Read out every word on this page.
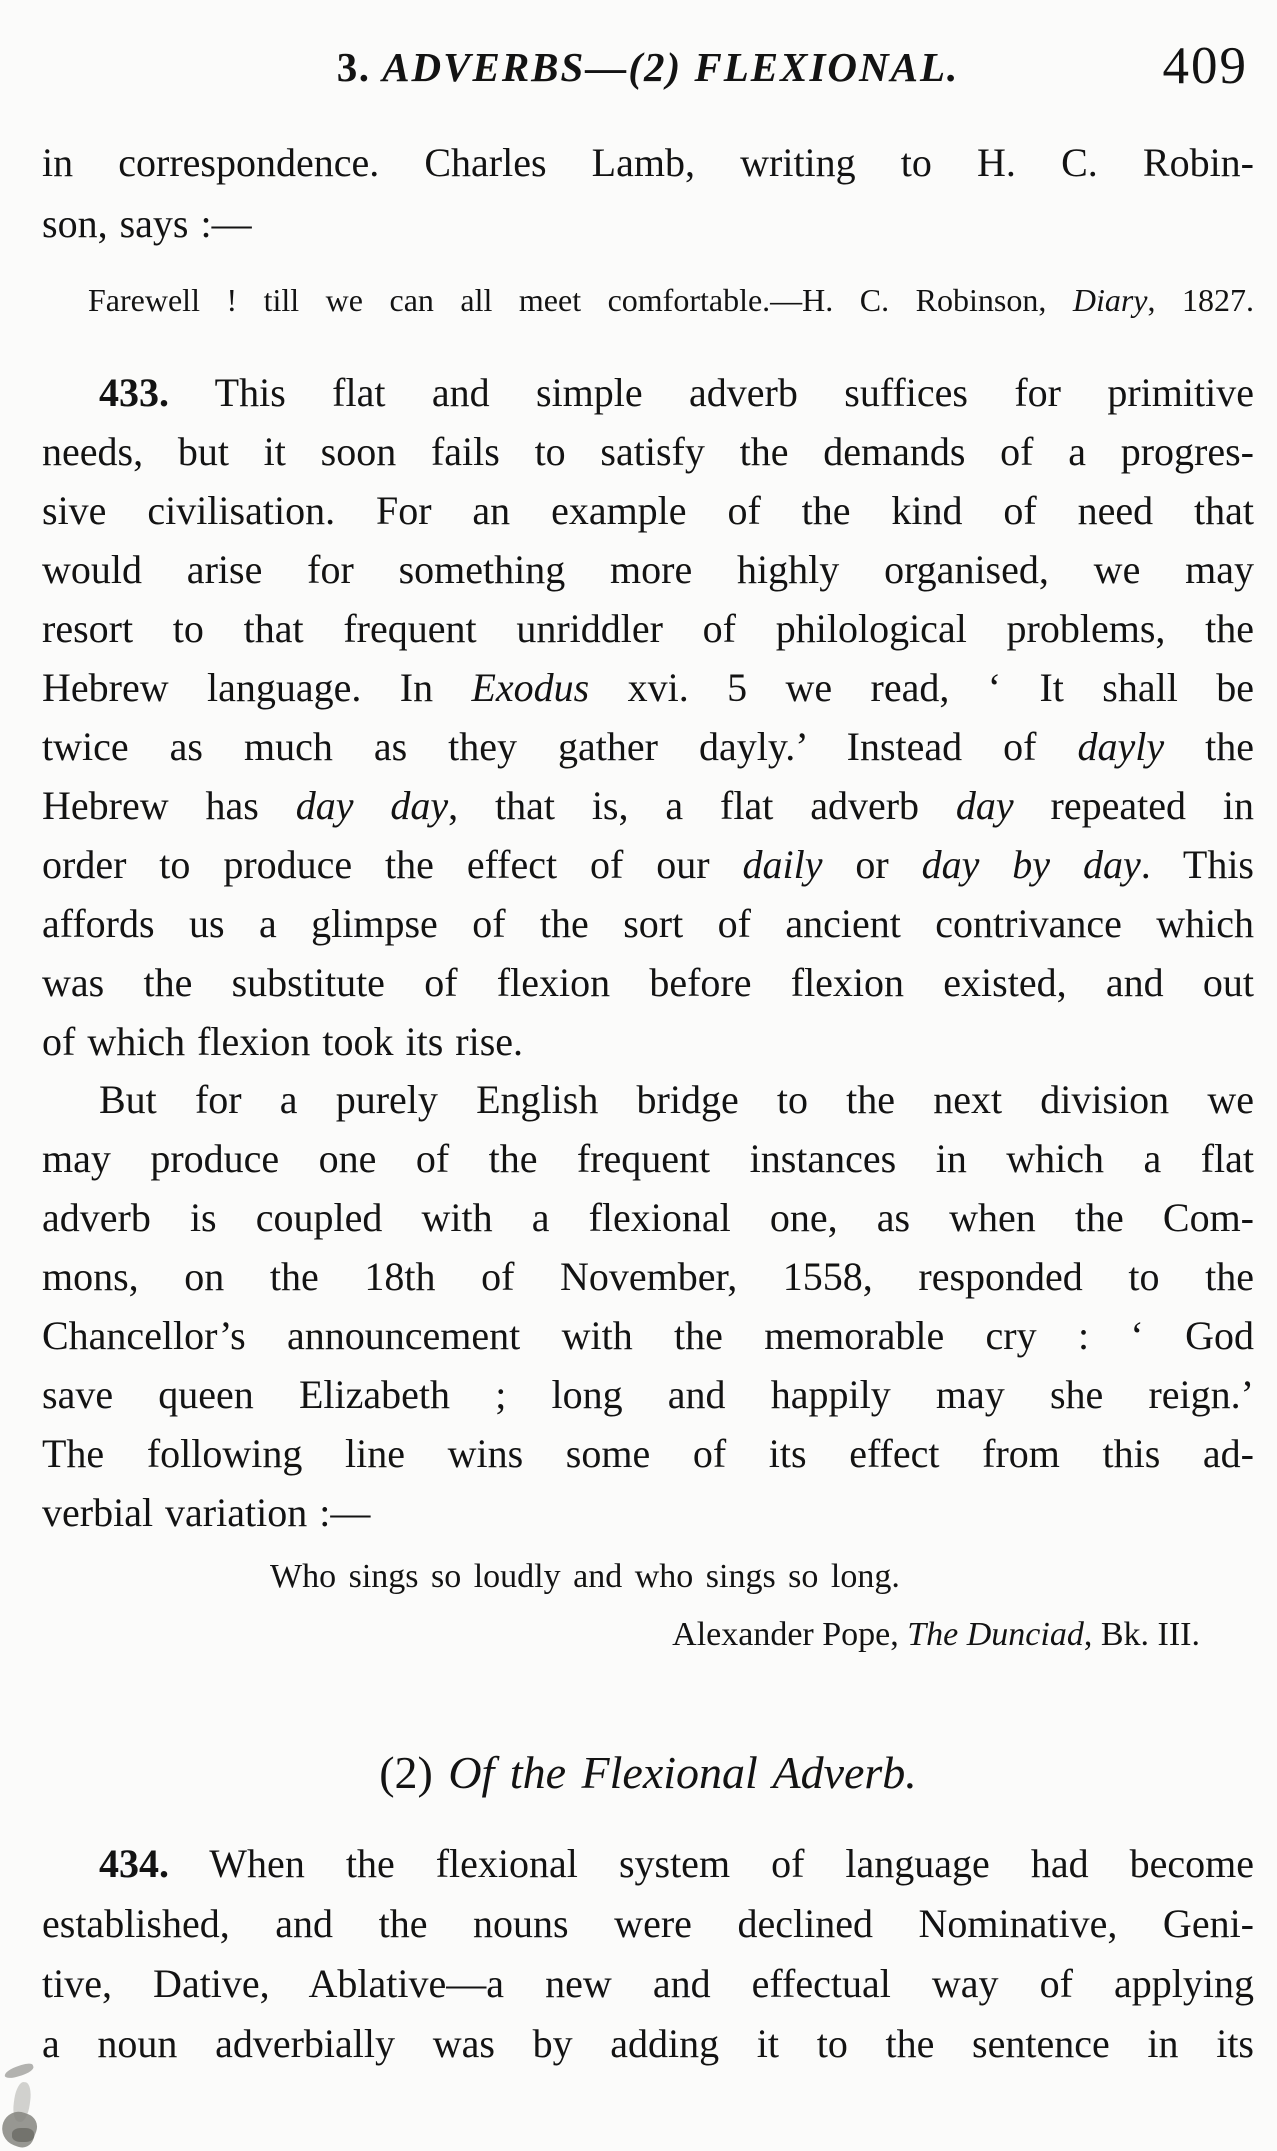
3. ADVERBS—(2) FLEXIONAL.	409
in correspondence. Charles Lamb, writing to H. C. Robin-
son, says :—
Farewell ! till we can all meet comfortable.—H. C. Robinson, Diary, 1827.
433. This flat and simple adverb suffices for primitive
needs, but it soon fails to satisfy the demands of a progres-
sive civilisation. For an example of the kind of need that
would arise for something more highly organised, we may
resort to that frequent unriddler of philological problems, the
Hebrew language. In Exodus xvi. 5 we read, ‘ It shall be
twice as much as they gather dayly.’ Instead of dayly the
Hebrew has day day, that is, a flat adverb day repeated in
order to produce the effect of our daily or day by day. This
affords us a glimpse of the sort of ancient contrivance which
was the substitute of flexion before flexion existed, and out
of which flexion took its rise.
But for a purely English bridge to the next division we
may produce one of the frequent instances in which a flat
adverb is coupled with a flexional one, as when the Com-
mons, on the 18th of November, 1558, responded to the
Chancellor’s announcement with the memorable cry : ‘ God
save queen Elizabeth ; long and happily may she reign.’
The following line wins some of its effect from this ad-
verbial variation :—
Who sings so loudly and who sings so long.
Alexander Pope, The Dunciad, Bk. III.
(2) Of the Flexional Adverb.
434. When the flexional system of language had become
established, and the nouns were declined Nominative, Geni-
tive, Dative, Ablative—a new and effectual way of applying
a noun adverbially was by adding it to the sentence in its
